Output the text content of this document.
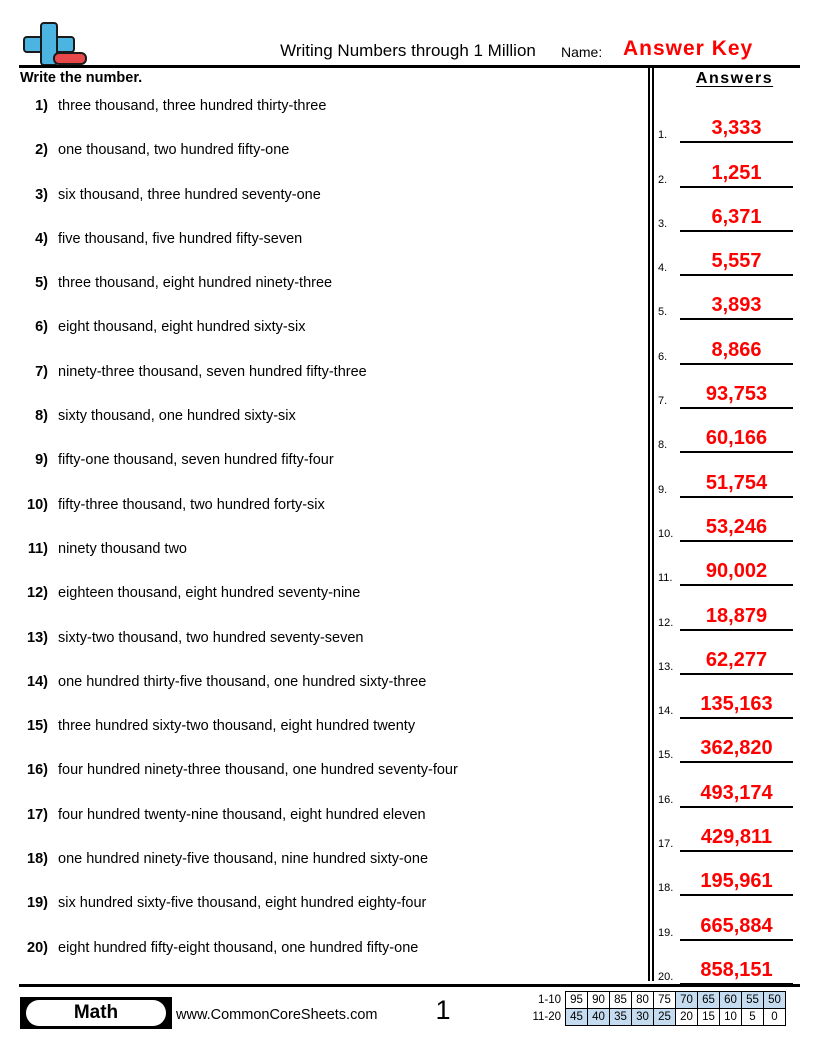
Writing Numbers through 1 Million	Name: Answer Key
Write the number.
1) three thousand, three hundred thirty-three
2) one thousand, two hundred fifty-one
3) six thousand, three hundred seventy-one
4) five thousand, five hundred fifty-seven
5) three thousand, eight hundred ninety-three
6) eight thousand, eight hundred sixty-six
7) ninety-three thousand, seven hundred fifty-three
8) sixty thousand, one hundred sixty-six
9) fifty-one thousand, seven hundred fifty-four
10) fifty-three thousand, two hundred forty-six
11) ninety thousand two
12) eighteen thousand, eight hundred seventy-nine
13) sixty-two thousand, two hundred seventy-seven
14) one hundred thirty-five thousand, one hundred sixty-three
15) three hundred sixty-two thousand, eight hundred twenty
16) four hundred ninety-three thousand, one hundred seventy-four
17) four hundred twenty-nine thousand, eight hundred eleven
18) one hundred ninety-five thousand, nine hundred sixty-one
19) six hundred sixty-five thousand, eight hundred eighty-four
20) eight hundred fifty-eight thousand, one hundred fifty-one
Answers
1.	3,333
2.	1,251
3.	6,371
4.	5,557
5.	3,893
6.	8,866
7.	93,753
8.	60,166
9.	51,754
10.	53,246
11.	90,002
12.	18,879
13.	62,277
14.	135,163
15.	362,820
16.	493,174
17.	429,811
18.	195,961
19.	665,884
20.	858,151
Math	www.CommonCoreSheets.com	1	1-10	95	90	85	80	75	70	65	60	55	50
11-20	45	40	35	30	25	20	15	10	5	0
